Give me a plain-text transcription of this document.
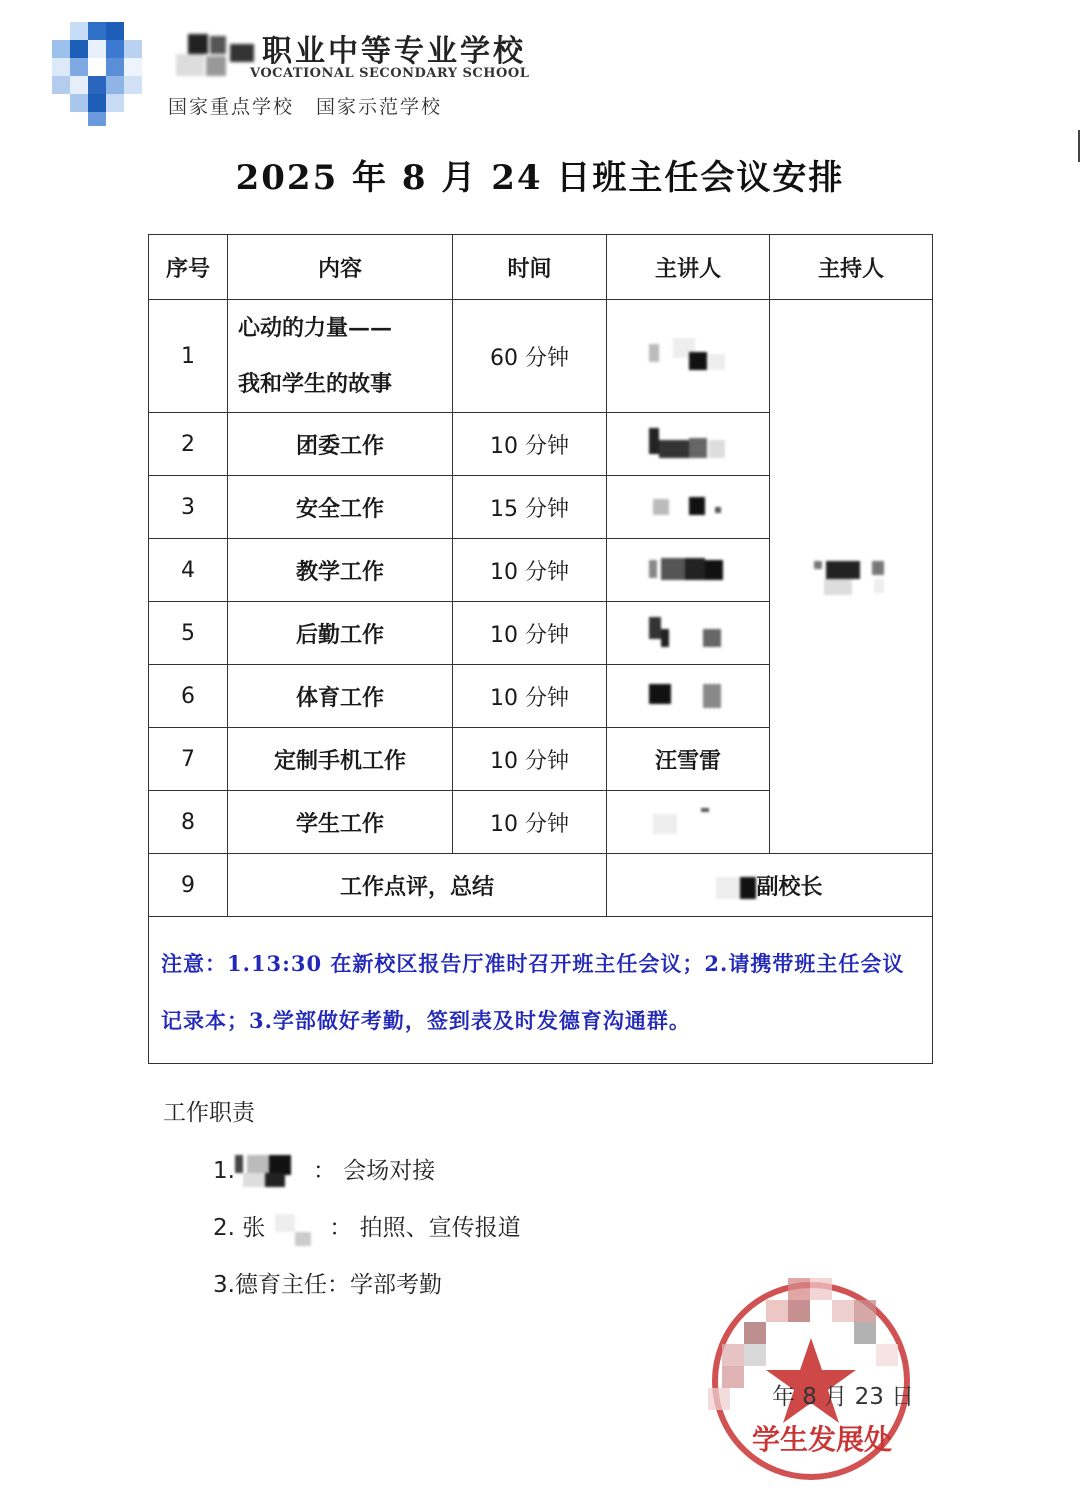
职业中等专业学校
VOCATIONAL SECONDARY SCHOOL
国家重点学校 国家示范学校
2025 年 8 月 24 日班主任会议安排
序号	内容	时间	主讲人	主持人
1	心动的力量——
我和学生的故事	60 分钟		
2	团委工作	10 分钟	
3	安全工作	15 分钟	
4	教学工作	10 分钟	
5	后勤工作	10 分钟	
6	体育工作	10 分钟	
7	定制手机工作	10 分钟	汪雪雷	
8	学生工作	10 分钟	
9	工作点评，总结		副校长	
注意：1.13:30 在新校区报告厅准时召开班主任会议；2.请携带班主任会议记录本；3.学部做好考勤，签到表及时发德育沟通群。				
工作职责
1.	： 会场对接
2. 张	： 拍照、宣传报道
3.德育主任：学部考勤
年 8 月 23 日
学生发展处
